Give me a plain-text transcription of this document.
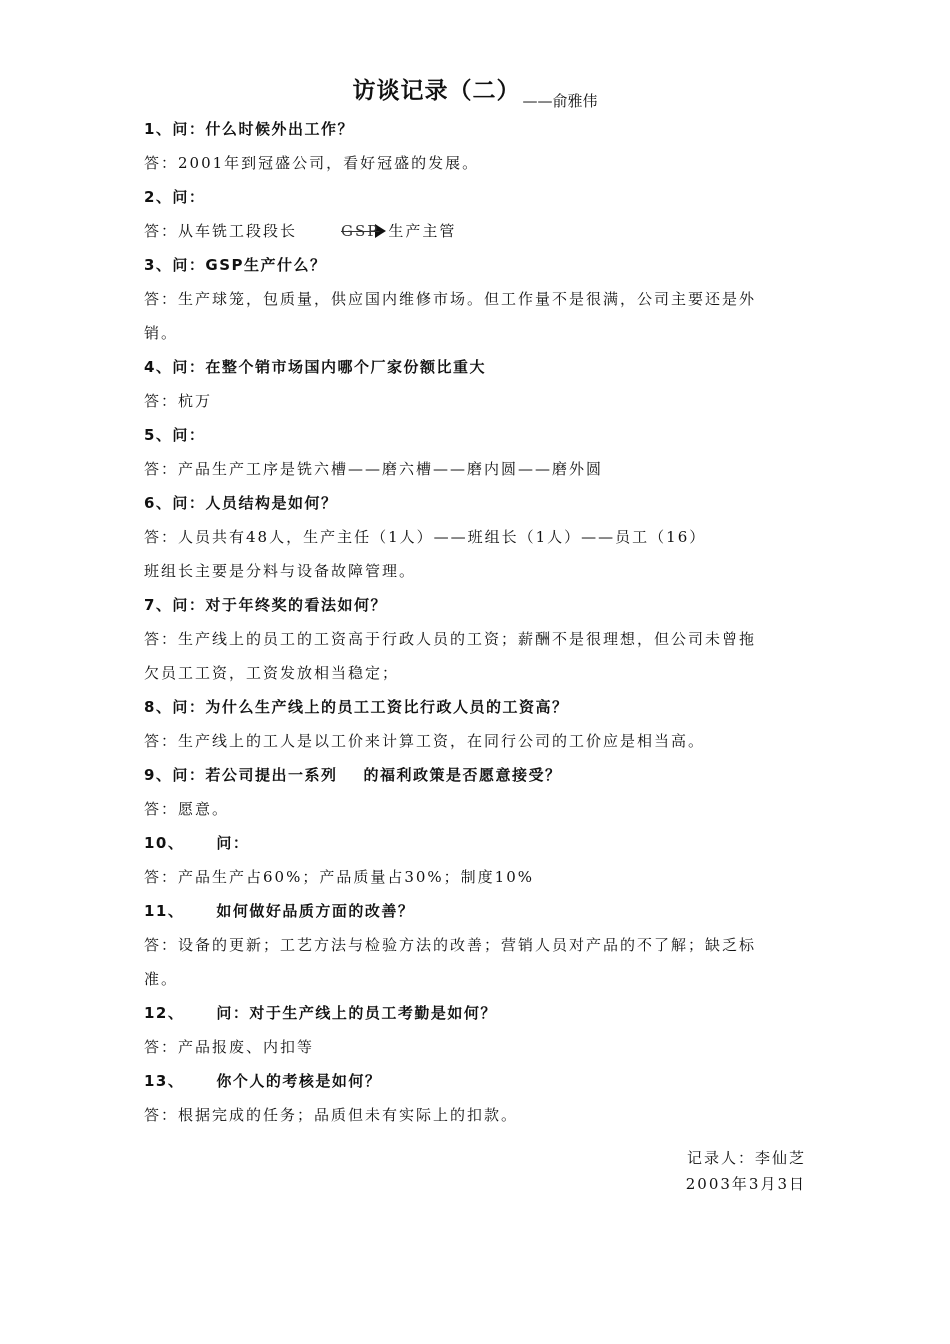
访谈记录（二） ——俞雅伟
1、问：什么时候外出工作？
答：2001年到冠盛公司，看好冠盛的发展。
2、问：
答：从车铣工段段长	GSP 生产主管
3、问：GSP生产什么？
答：生产球笼，包质量，供应国内维修市场。但工作量不是很满，公司主要还是外
销。
4、问：在整个销市场国内哪个厂家份额比重大
答：杭万
5、问：
答：产品生产工序是铣六槽——磨六槽——磨内圆——磨外圆
6、问：人员结构是如何？
答：人员共有48人，生产主任（1人）——班组长（1人）——员工（16）
班组长主要是分料与设备故障管理。
7、问：对于年终奖的看法如何？
答：生产线上的员工的工资高于行政人员的工资；薪酬不是很理想，但公司未曾拖
欠员工工资，工资发放相当稳定；
8、问：为什么生产线上的员工工资比行政人员的工资高？
答：生产线上的工人是以工价来计算工资，在同行公司的工价应是相当高。
9、问：若公司提出一系列 的福利政策是否愿意接受？
答：愿意。
10、 问：
答：产品生产占60%；产品质量占30%；制度10%
11、 如何做好品质方面的改善？
答：设备的更新；工艺方法与检验方法的改善；营销人员对产品的不了解；缺乏标
准。
12、 问：对于生产线上的员工考勤是如何？
答：产品报废、内扣等
13、 你个人的考核是如何？
答：根据完成的任务；品质但未有实际上的扣款。
记录人：李仙芝
2003年3月3日
